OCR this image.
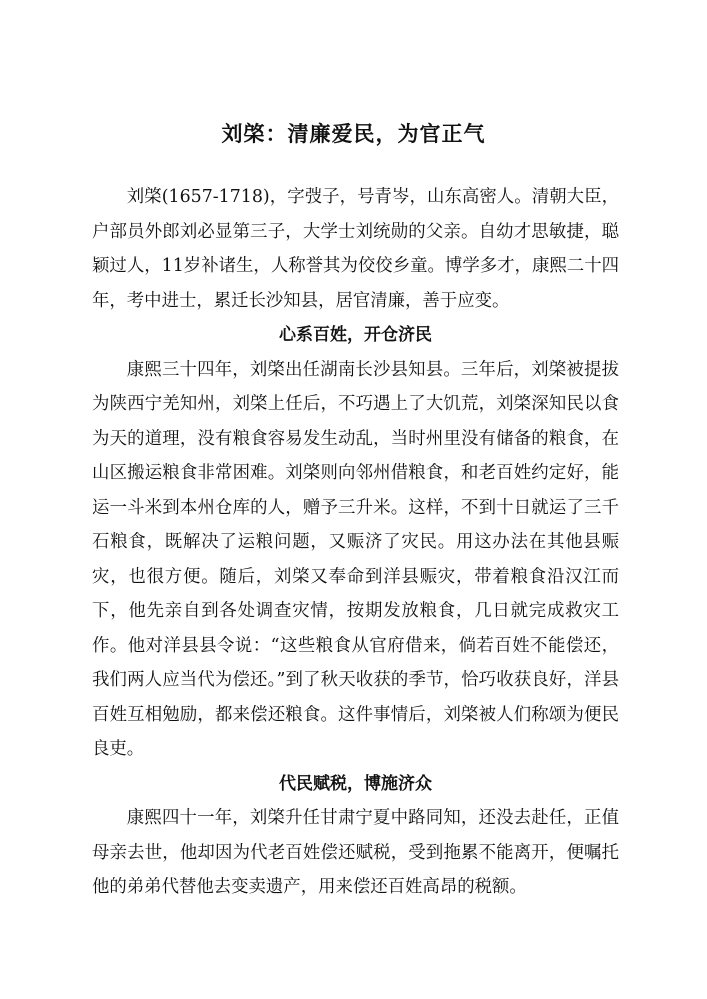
刘棨：清廉爱民，为官正气

刘棨(1657-1718)，字弢子，号青岑，山东高密人。清朝大臣，户部员外郎刘必显第三子，大学士刘统勋的父亲。自幼才思敏捷，聪颖过人，11岁补诸生，人称誉其为佼佼乡童。博学多才，康熙二十四年，考中进士，累迁长沙知县，居官清廉，善于应变。

心系百姓，开仓济民

康熙三十四年，刘棨出任湖南长沙县知县。三年后，刘棨被提拔为陕西宁羌知州，刘棨上任后，不巧遇上了大饥荒，刘棨深知民以食为天的道理，没有粮食容易发生动乱，当时州里没有储备的粮食，在山区搬运粮食非常困难。刘棨则向邻州借粮食，和老百姓约定好，能运一斗米到本州仓库的人，赠予三升米。这样，不到十日就运了三千石粮食，既解决了运粮问题，又赈济了灾民。用这办法在其他县赈灾，也很方便。随后，刘棨又奉命到洋县赈灾，带着粮食沿汉江而下，他先亲自到各处调查灾情，按期发放粮食，几日就完成救灾工作。他对洋县县令说：“这些粮食从官府借来，倘若百姓不能偿还，我们两人应当代为偿还。”到了秋天收获的季节，恰巧收获良好，洋县百姓互相勉励，都来偿还粮食。这件事情后，刘棨被人们称颂为便民良吏。

代民赋税，博施济众

康熙四十一年，刘棨升任甘肃宁夏中路同知，还没去赴任，正值母亲去世，他却因为代老百姓偿还赋税，受到拖累不能离开，便嘱托他的弟弟代替他去变卖遗产，用来偿还百姓高昂的税额。
